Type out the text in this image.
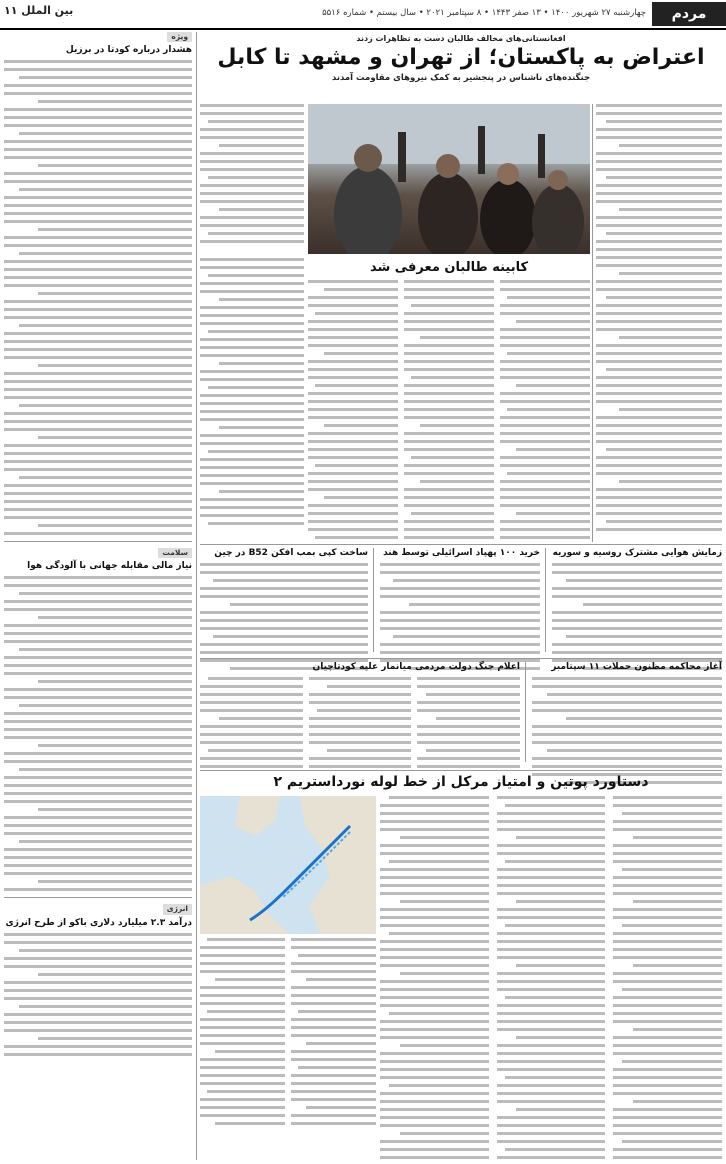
مردم سالاری
چهارشنبه ۲۷ شهریور ۱۴۰۰ • ۱۳ صفر ۱۴۴۳ • ۸ سپتامبر ۲۰۲۱ • سال بیستم • شماره ۵۵۱۶
بین الملل ۱۱
ویژه
هشدار درباره کودتا در برزیل
سلامت
نیاز مالی مقابله جهانی با آلودگی هوا
انرژی
درآمد ۲.۳ میلیارد دلاری باکو از طرح انرژی
افغانستانی‌های مخالف طالبان دست به تظاهرات زدند
اعتراض به پاکستان؛ از تهران و مشهد تا کابل
جنگنده‌های ناشناس در پنجشیر به کمک نیروهای مقاومت آمدند
کابینه طالبان معرفی شد
زمایش هوایی مشترک روسیه و سوریه
خرید ۱۰۰ پهپاد اسرائیلی توسط هند
ساخت کپی بمب افکن B52 در چین
آغاز محاکمه مظنون حملات ۱۱ سپتامبر
اعلام جنگ دولت مردمی میانمار علیه کودتاچیان
دستاورد پوتین و امتیاز مرکل از خط لوله نورداستریم ۲
